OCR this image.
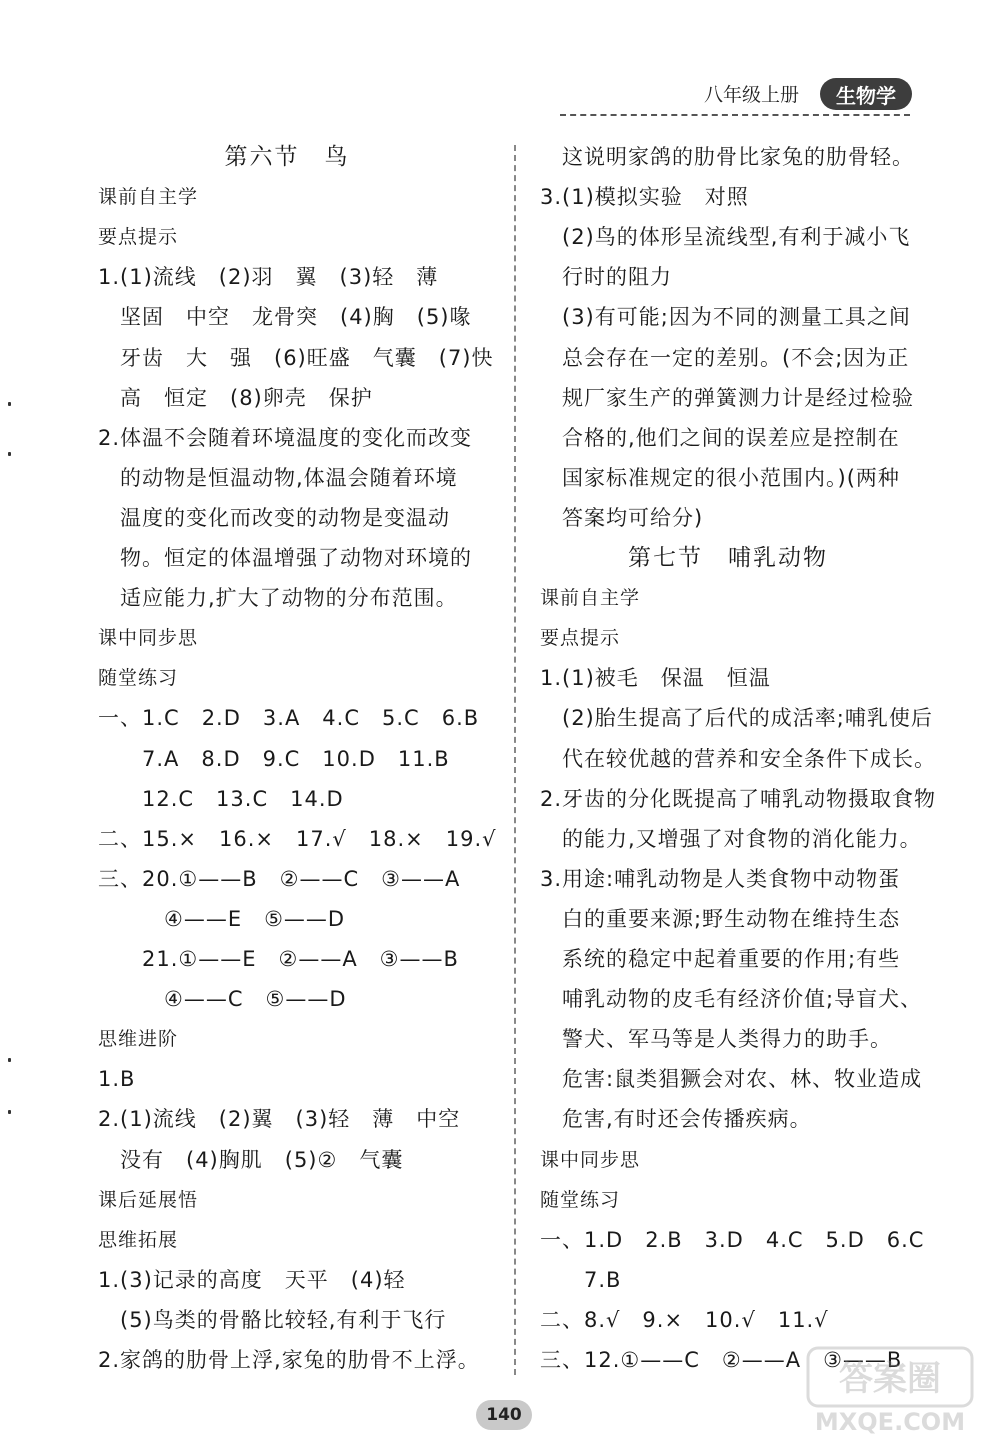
八年级上册	生物学
第六节　鸟
课前自主学
要点提示
1.(1)流线　(2)羽　翼　(3)轻　薄
　坚固　中空　龙骨突　(4)胸　(5)喙
　牙齿　大　强　(6)旺盛　气囊　(7)快
　高　恒定　(8)卵壳　保护
2.体温不会随着环境温度的变化而改变
　的动物是恒温动物,体温会随着环境
　温度的变化而改变的动物是变温动
　物。恒定的体温增强了动物对环境的
　适应能力,扩大了动物的分布范围。
课中同步思
随堂练习
一、1.C　2.D　3.A　4.C　5.C　6.B
　　7.A　8.D　9.C　10.D　11.B
　　12.C　13.C　14.D
二、15.×　16.×　17.√　18.×　19.√
三、20.①——B　②——C　③——A
　　　④——E　⑤——D
　　21.①——E　②——A　③——B
　　　④——C　⑤——D
思维进阶
1.B
2.(1)流线　(2)翼　(3)轻　薄　中空
　没有　(4)胸肌　(5)②　气囊
课后延展悟
思维拓展
1.(3)记录的高度　天平　(4)轻
　(5)鸟类的骨骼比较轻,有利于飞行
2.家鸽的肋骨上浮,家兔的肋骨不上浮。
　这说明家鸽的肋骨比家兔的肋骨轻。
3.(1)模拟实验　对照
　(2)鸟的体形呈流线型,有利于减小飞
　行时的阻力
　(3)有可能;因为不同的测量工具之间
　总会存在一定的差别。(不会;因为正
　规厂家生产的弹簧测力计是经过检验
　合格的,他们之间的误差应是控制在
　国家标准规定的很小范围内。)(两种
　答案均可给分)
第七节　哺乳动物
课前自主学
要点提示
1.(1)被毛　保温　恒温
　(2)胎生提高了后代的成活率;哺乳使后
　代在较优越的营养和安全条件下成长。
2.牙齿的分化既提高了哺乳动物摄取食物
　的能力,又增强了对食物的消化能力。
3.用途:哺乳动物是人类食物中动物蛋
　白的重要来源;野生动物在维持生态
　系统的稳定中起着重要的作用;有些
　哺乳动物的皮毛有经济价值;导盲犬、
　警犬、军马等是人类得力的助手。
　危害:鼠类猖獗会对农、林、牧业造成
　危害,有时还会传播疾病。
课中同步思
随堂练习
一、1.D　2.B　3.D　4.C　5.D　6.C
　　7.B
二、8.√　9.×　10.√　11.√
三、12.①——C　②——A　③——B
140
答案圈
MXQE.COM
